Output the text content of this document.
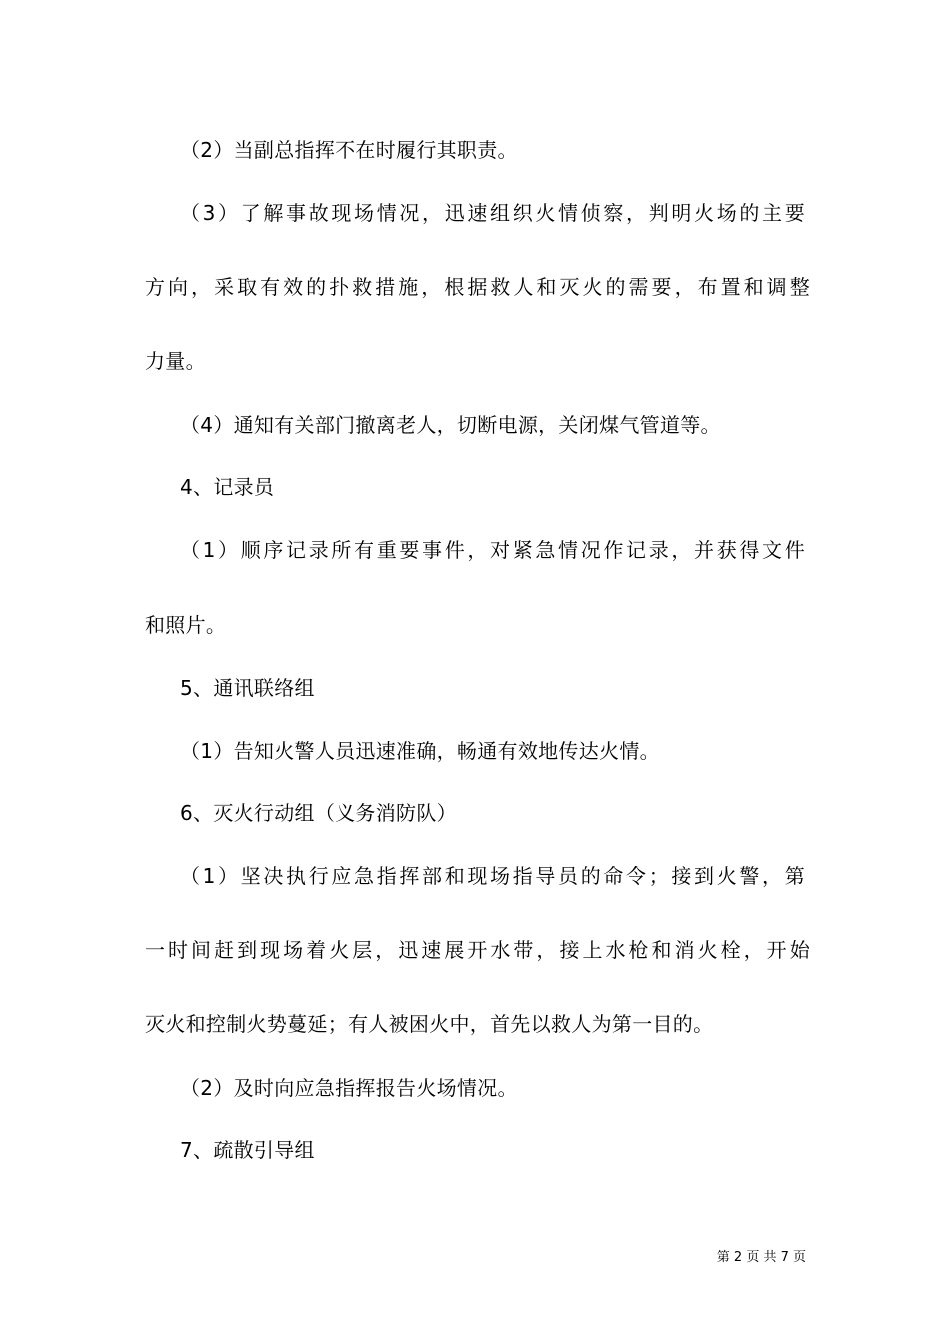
（2）当副总指挥不在时履行其职责。
（3）了解事故现场情况，迅速组织火情侦察，判明火场的主要
方向，采取有效的扑救措施，根据救人和灭火的需要，布置和调整
力量。
（4）通知有关部门撤离老人，切断电源，关闭煤气管道等。
4、记录员
（1）顺序记录所有重要事件，对紧急情况作记录，并获得文件
和照片。
5、通讯联络组
（1）告知火警人员迅速准确，畅通有效地传达火情。
6、灭火行动组（义务消防队）
（1）坚决执行应急指挥部和现场指导员的命令；接到火警，第
一时间赶到现场着火层，迅速展开水带，接上水枪和消火栓，开始
灭火和控制火势蔓延；有人被困火中，首先以救人为第一目的。
（2）及时向应急指挥报告火场情况。
7、疏散引导组
第 2 页 共 7 页
